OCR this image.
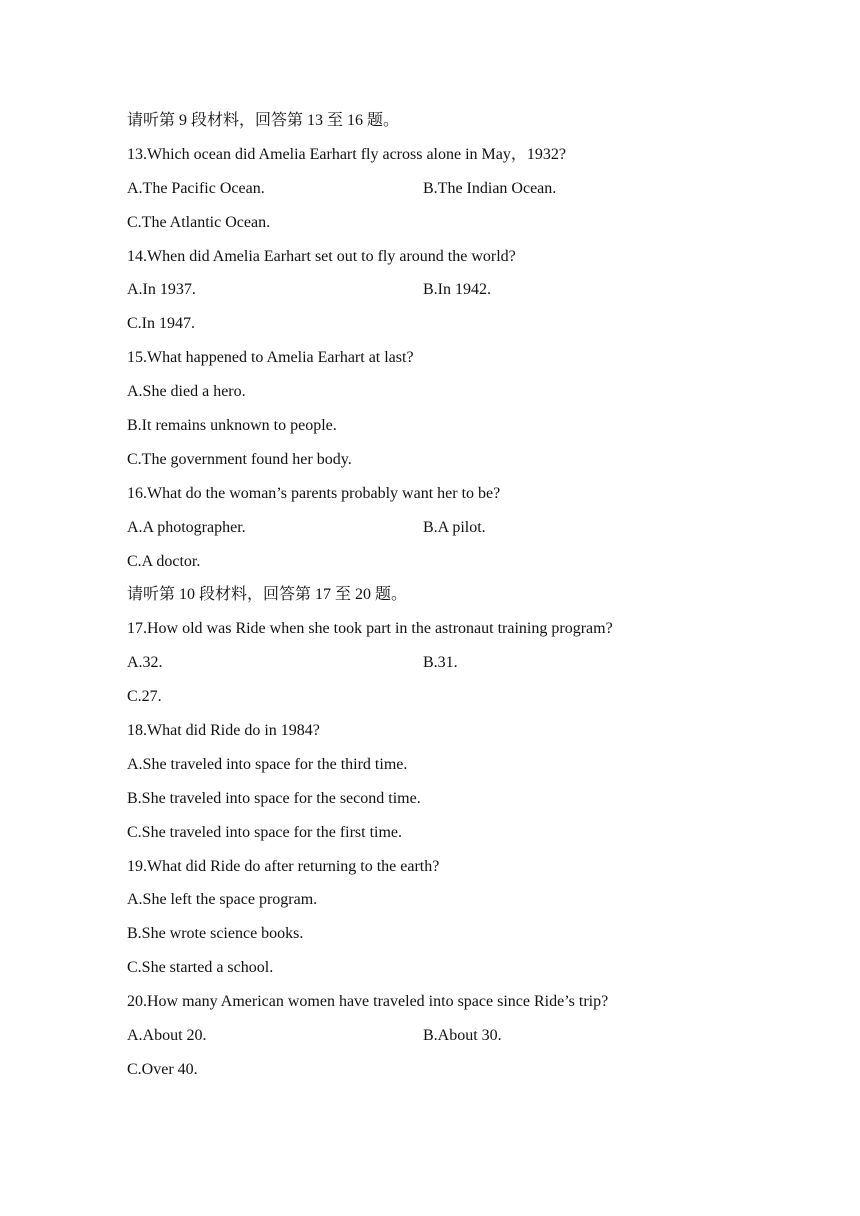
请听第 9 段材料，回答第 13 至 16 题。
13.Which ocean did Amelia Earhart fly across alone in May，1932?
A.The Pacific Ocean.	B.The Indian Ocean.
C.The Atlantic Ocean.
14.When did Amelia Earhart set out to fly around the world?
A.In 1937.	B.In 1942.
C.In 1947.
15.What happened to Amelia Earhart at last?
A.She died a hero.
B.It remains unknown to people.
C.The government found her body.
16.What do the woman’s parents probably want her to be?
A.A photographer.	B.A pilot.
C.A doctor.
请听第 10 段材料，回答第 17 至 20 题。
17.How old was Ride when she took part in the astronaut training program?
A.32.	B.31.
C.27.
18.What did Ride do in 1984?
A.She traveled into space for the third time.
B.She traveled into space for the second time.
C.She traveled into space for the first time.
19.What did Ride do after returning to the earth?
A.She left the space program.
B.She wrote science books.
C.She started a school.
20.How many American women have traveled into space since Ride’s trip?
A.About 20.	B.About 30.
C.Over 40.
